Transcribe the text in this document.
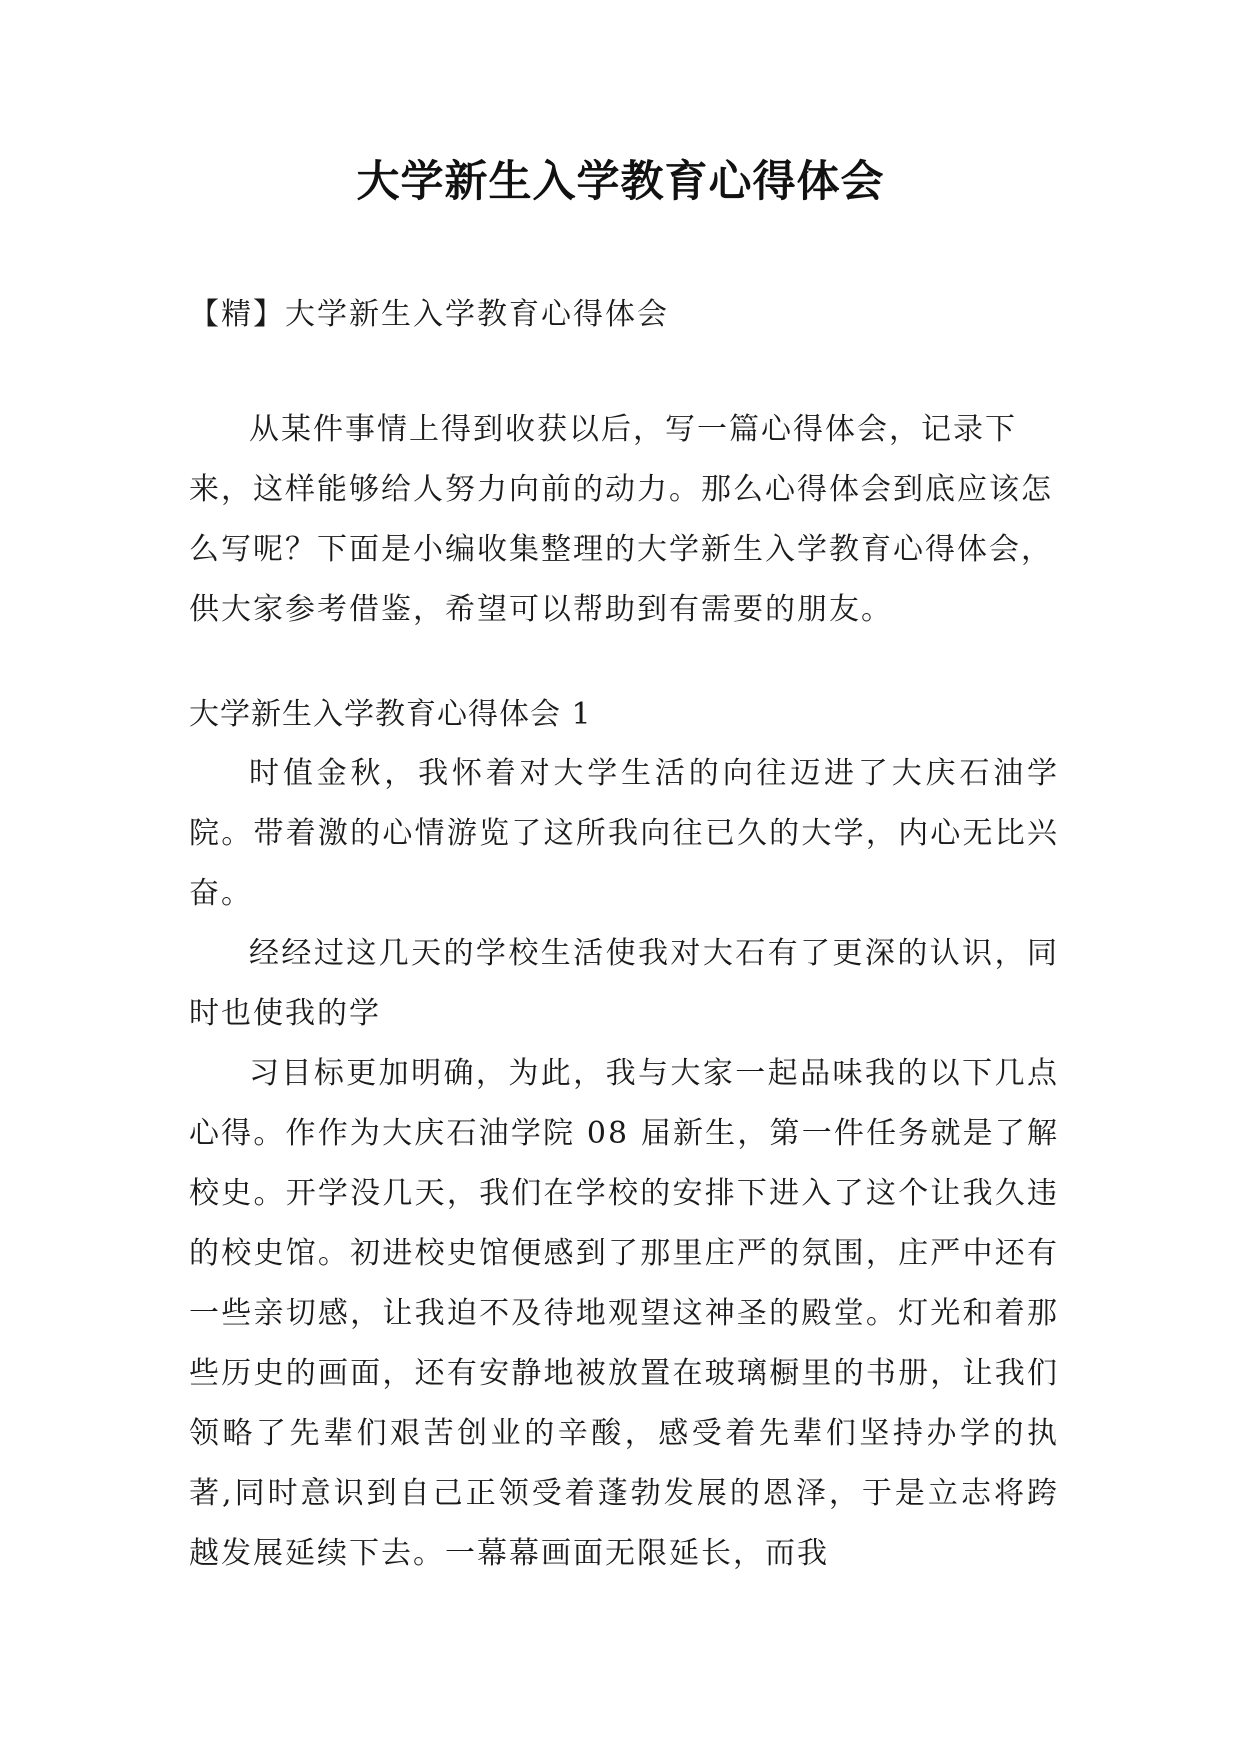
大学新生入学教育心得体会

【精】大学新生入学教育心得体会

从某件事情上得到收获以后，写一篇心得体会，记录下来，这样能够给人努力向前的动力。那么心得体会到底应该怎么写呢？下面是小编收集整理的大学新生入学教育心得体会，供大家参考借鉴，希望可以帮助到有需要的朋友。

大学新生入学教育心得体会 1

时值金秋，我怀着对大学生活的向往迈进了大庆石油学院。带着激的心情游览了这所我向往已久的大学，内心无比兴奋。

经经过这几天的学校生活使我对大石有了更深的认识，同时也使我的学

习目标更加明确，为此，我与大家一起品味我的以下几点心得。作作为大庆石油学院 08 届新生，第一件任务就是了解校史。开学没几天，我们在学校的安排下进入了这个让我久违的校史馆。初进校史馆便感到了那里庄严的氛围，庄严中还有一些亲切感，让我迫不及待地观望这神圣的殿堂。灯光和着那些历史的画面，还有安静地被放置在玻璃橱里的书册，让我们领略了先辈们艰苦创业的辛酸，感受着先辈们坚持办学的执著,同时意识到自己正领受着蓬勃发展的恩泽，于是立志将跨越发展延续下去。一幕幕画面无限延长，而我
